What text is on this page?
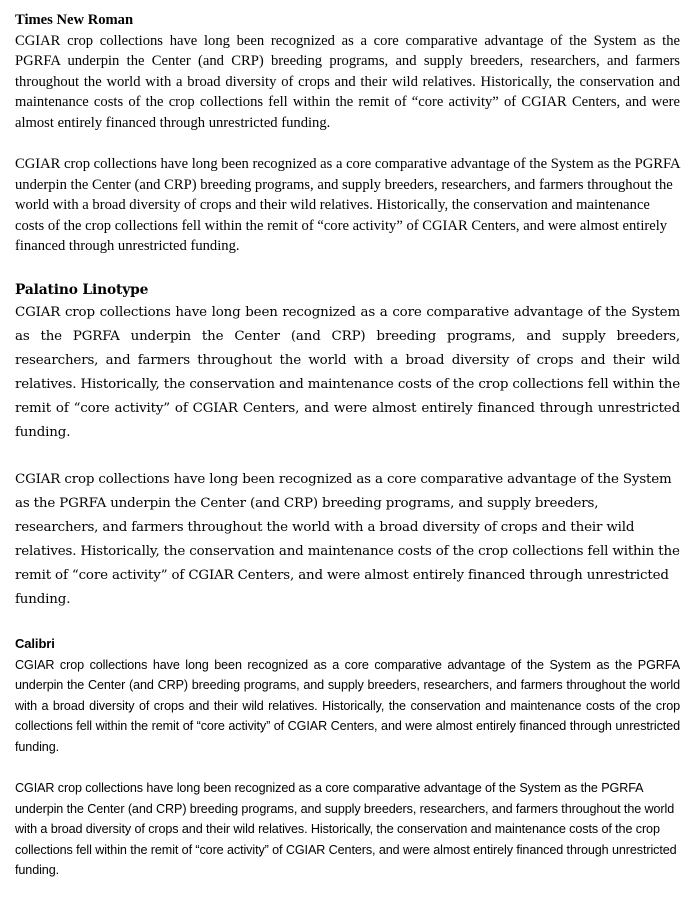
Times New Roman

CGIAR crop collections have long been recognized as a core comparative advantage of the System as the PGRFA underpin the Center (and CRP) breeding programs, and supply breeders, researchers, and farmers throughout the world with a broad diversity of crops and their wild relatives. Historically, the conservation and maintenance costs of the crop collections fell within the remit of “core activity” of CGIAR Centers, and were almost entirely financed through unrestricted funding.

CGIAR crop collections have long been recognized as a core comparative advantage of the System as the PGRFA underpin the Center (and CRP) breeding programs, and supply breeders, researchers, and farmers throughout the world with a broad diversity of crops and their wild relatives. Historically, the conservation and maintenance costs of the crop collections fell within the remit of “core activity” of CGIAR Centers, and were almost entirely financed through unrestricted funding.

Palatino Linotype

CGIAR crop collections have long been recognized as a core comparative advantage of the System as the PGRFA underpin the Center (and CRP) breeding programs, and supply breeders, researchers, and farmers throughout the world with a broad diversity of crops and their wild relatives. Historically, the conservation and maintenance costs of the crop collections fell within the remit of “core activity” of CGIAR Centers, and were almost entirely financed through unrestricted funding.

CGIAR crop collections have long been recognized as a core comparative advantage of the System as the PGRFA underpin the Center (and CRP) breeding programs, and supply breeders, researchers, and farmers throughout the world with a broad diversity of crops and their wild relatives. Historically, the conservation and maintenance costs of the crop collections fell within the remit of “core activity” of CGIAR Centers, and were almost entirely financed through unrestricted funding.

Calibri

CGIAR crop collections have long been recognized as a core comparative advantage of the System as the PGRFA underpin the Center (and CRP) breeding programs, and supply breeders, researchers, and farmers throughout the world with a broad diversity of crops and their wild relatives. Historically, the conservation and maintenance costs of the crop collections fell within the remit of “core activity” of CGIAR Centers, and were almost entirely financed through unrestricted funding.

CGIAR crop collections have long been recognized as a core comparative advantage of the System as the PGRFA underpin the Center (and CRP) breeding programs, and supply breeders, researchers, and farmers throughout the world with a broad diversity of crops and their wild relatives. Historically, the conservation and maintenance costs of the crop collections fell within the remit of “core activity” of CGIAR Centers, and were almost entirely financed through unrestricted funding.
